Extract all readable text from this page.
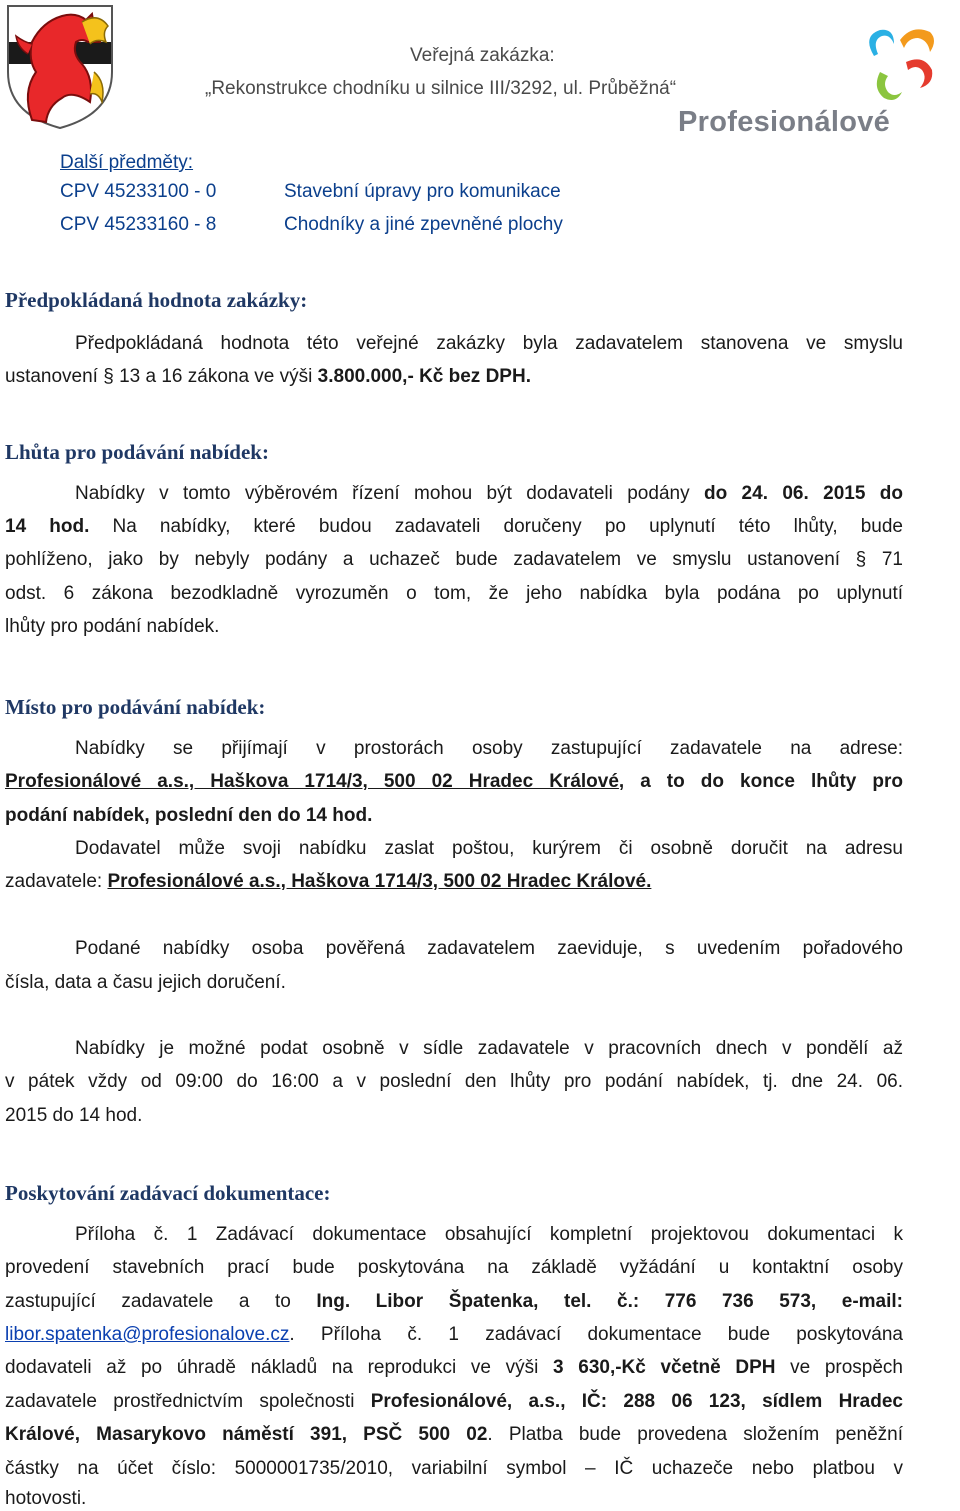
Veřejná zakázka:
„Rekonstrukce chodníku u silnice III/3292, ul. Průběžná“
Profesionálové
Další předměty:
CPV 45233100 - 0	Stavební úpravy pro komunikace
CPV 45233160 - 8	Chodníky a jiné zpevněné plochy
Předpokládaná hodnota zakázky:
Předpokládaná hodnota této veřejné zakázky byla zadavatelem stanovena ve smyslu
ustanovení § 13 a 16 zákona ve výši 3.800.000,- Kč bez DPH.
Lhůta pro podávání nabídek:
Nabídky v tomto výběrovém řízení mohou být dodavateli podány do 24. 06. 2015 do
14 hod. Na nabídky, které budou zadavateli doručeny po uplynutí této lhůty, bude
pohlíženo, jako by nebyly podány a uchazeč bude zadavatelem ve smyslu ustanovení § 71
odst. 6 zákona bezodkladně vyrozuměn o tom, že jeho nabídka byla podána po uplynutí
lhůty pro podání nabídek.
Místo pro podávání nabídek:
Nabídky se přijímají v prostorách osoby zastupující zadavatele na adrese:
Profesionálové a.s., Haškova 1714/3, 500 02 Hradec Králové, a to do konce lhůty pro
podání nabídek, poslední den do 14 hod.
Dodavatel může svoji nabídku zaslat poštou, kurýrem či osobně doručit na adresu
zadavatele: Profesionálové a.s., Haškova 1714/3, 500 02 Hradec Králové.
Podané nabídky osoba pověřená zadavatelem zaeviduje, s uvedením pořadového
čísla, data a času jejich doručení.
Nabídky je možné podat osobně v sídle zadavatele v pracovních dnech v pondělí až
v pátek vždy od 09:00 do 16:00 a v poslední den lhůty pro podání nabídek, tj. dne 24. 06.
2015 do 14 hod.
Poskytování zadávací dokumentace:
Příloha č. 1 Zadávací dokumentace obsahující kompletní projektovou dokumentaci k
provedení stavebních prací bude poskytována na základě vyžádání u kontaktní osoby
zastupující zadavatele a to Ing. Libor Špatenka, tel. č.: 776 736 573, e-mail:
libor.spatenka@profesionalove.cz. Příloha č. 1 zadávací dokumentace bude poskytována
dodavateli až po úhradě nákladů na reprodukci ve výši 3 630,-Kč včetně DPH ve prospěch
zadavatele prostřednictvím společnosti Profesionálové, a.s., IČ: 288 06 123, sídlem Hradec
Králové, Masarykovo náměstí 391, PSČ 500 02. Platba bude provedena složením peněžní
částky na účet číslo: 5000001735/2010, variabilní symbol – IČ uchazeče nebo platbou v
hotovosti.
